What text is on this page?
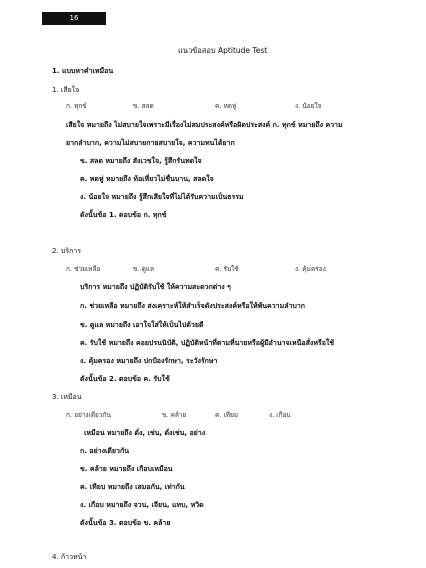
16
แนวข้อสอบ Aptitude Test
1. แบบหาคำเหมือน
1. เสียใจ
ก. ทุกข์	ข. สลด	ค. หดหู่	ง. น้อยใจ
เสียใจ หมายถึง ไม่สบายใจเพราะมีเรื่องไม่สมประสงค์หรือผิดประสงค์ ก. ทุกข์ หมายถึง ความ
ยากลำบาก, ความไม่สบายกายสบายใจ, ความทนได้ยาก
ข. สลด หมายถึง สังเวชใจ, รู้สึกรันทดใจ
ค. หดหู่ หมายถึง ท้อเหี่ยวไม่ชื่นบาน, สลดใจ
ง. น้อยใจ หมายถึง รู้สึกเสียใจที่ไม่ได้รับความเป็นธรรม
ดังนั้นข้อ 1. ตอบข้อ ก. ทุกข์
2. บริการ
ก. ช่วยเหลือ	ข. ดูแล	ค. รับใช้	ง. คุ้มครอง
บริการ หมายถึง ปฏิบัติรับใช้ ให้ความสะดวกต่าง ๆ
ก. ช่วยเหลือ หมายถึง สงเคราะห์ให้สำเร็จดังประสงค์หรือให้พ้นความลำบาก
ข. ดูแล หมายถึง เอาใจใส่ให้เป็นไปด้วยดี
ค. รับใช้ หมายถึง คอยปรนนิบัติ, ปฏิบัติหน้าที่ตามที่นายหรือผู้มีอำนาจเหนือสั่งหรือใช้
ง. คุ้มครอง หมายถึง ปกป้องรักษา, ระวังรักษา
ดังนั้นข้อ 2. ตอบข้อ ค. รับใช้
3. เหมือน
ก. อย่างเดียวกัน	ข. คล้าย	ค. เทียม	ง. เกือบ
เหมือน หมายถึง ดั่ง, เช่น, ดั่งเช่น, อย่าง
ก. อย่างเดียวกัน
ข. คล้าย หมายถึง เกือบเหมือน
ค. เทียบ หมายถึง เสมอกัน, เท่ากัน
ง. เกือบ หมายถึง จวน, เจียน, แทบ, หวิด
ดังนั้นข้อ 3. ตอบข้อ ข. คล้าย
4. ก้าวหน้า
